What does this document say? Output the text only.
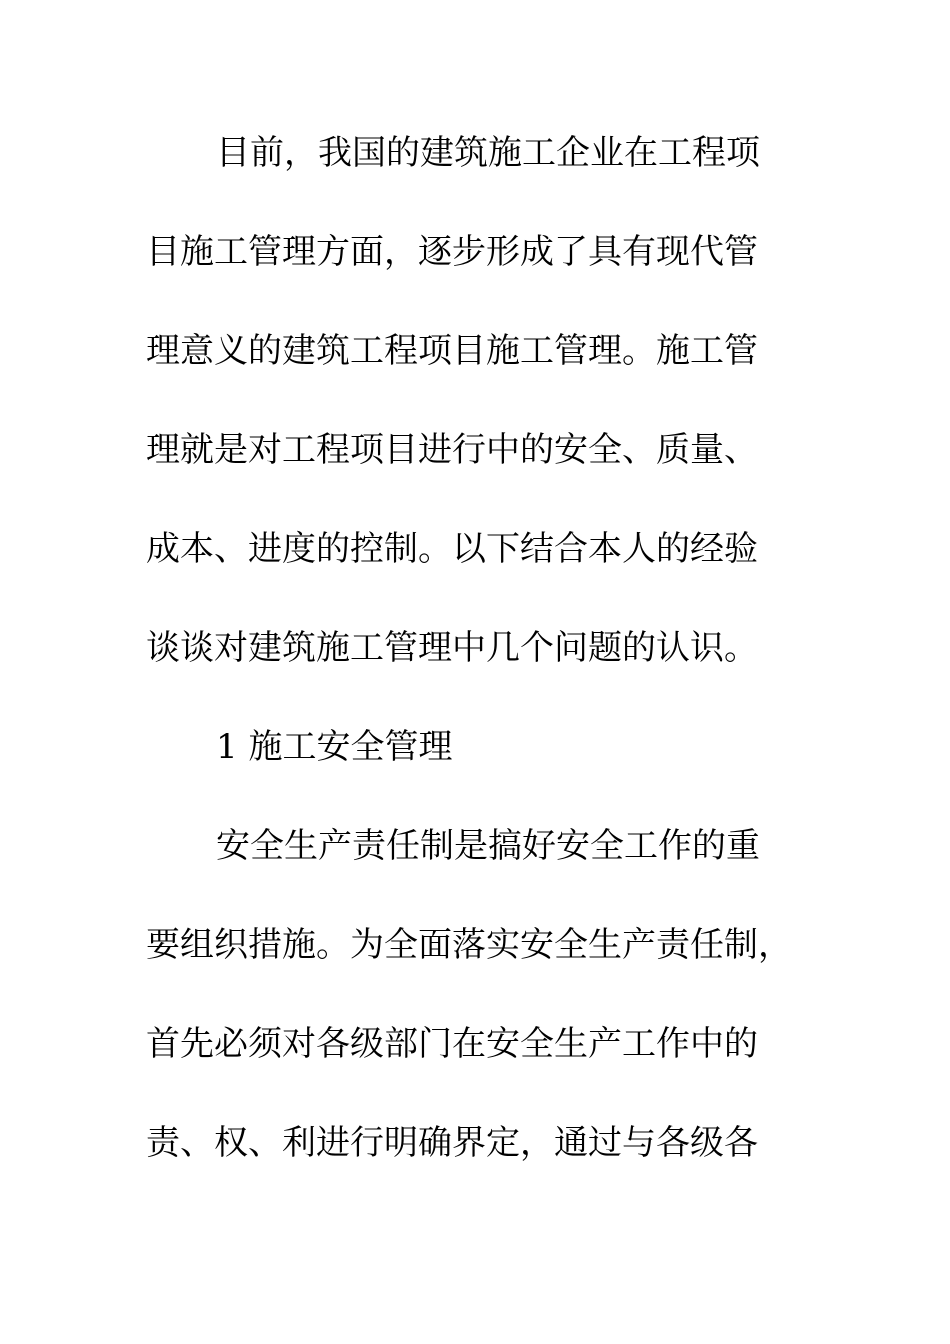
目前，我国的建筑施工企业在工程项
目施工管理方面，逐步形成了具有现代管
理意义的建筑工程项目施工管理。施工管
理就是对工程项目进行中的安全、质量、
成本、进度的控制。以下结合本人的经验
谈谈对建筑施工管理中几个问题的认识。
1 施工安全管理
安全生产责任制是搞好安全工作的重
要组织措施。为全面落实安全生产责任制，
首先必须对各级部门在安全生产工作中的
责、权、利进行明确界定，通过与各级各
